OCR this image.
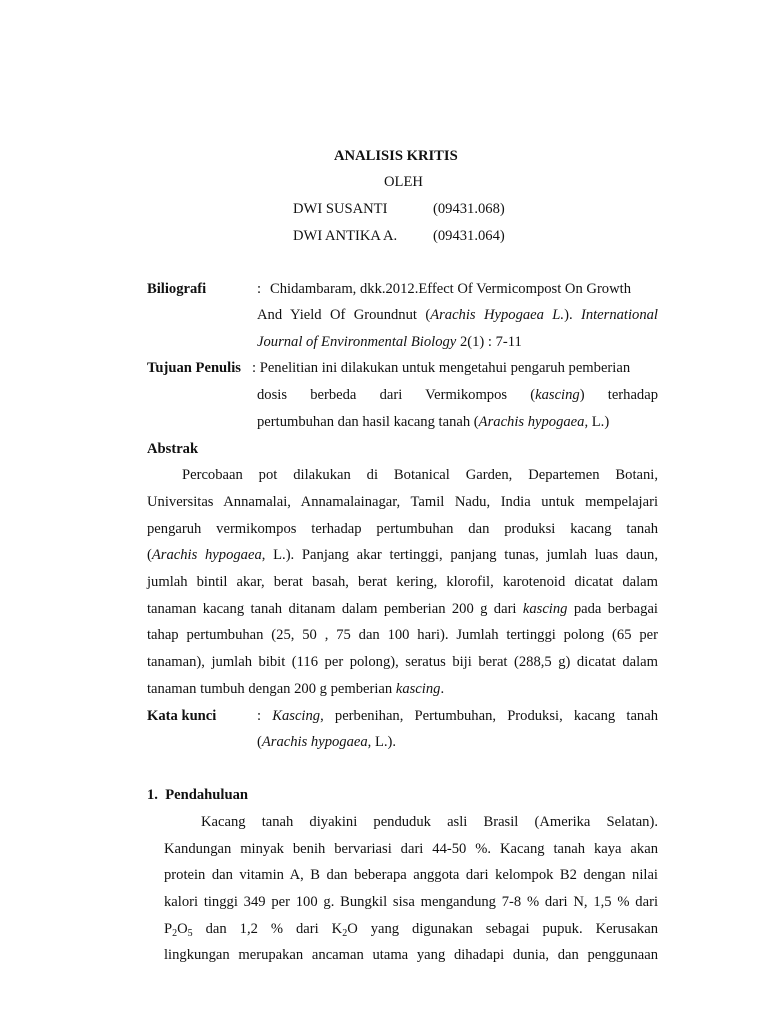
ANALISIS KRITIS
OLEH
DWI SUSANTI	(09431.068)
DWI ANTIKA A. (09431.064)
Biliografi	: Chidambaram, dkk.2012.Effect Of Vermicompost On Growth
And Yield Of Groundnut (Arachis Hypogaea L.). International
Journal of Environmental Biology 2(1) : 7-11
Tujuan Penulis : Penelitian ini dilakukan untuk mengetahui pengaruh pemberian
dosis berbeda dari Vermikompos (kascing) terhadap
pertumbuhan dan hasil kacang tanah (Arachis hypogaea, L.)
Abstrak
Percobaan pot dilakukan di Botanical Garden, Departemen Botani,
Universitas Annamalai, Annamalainagar, Tamil Nadu, India untuk mempelajari
pengaruh vermikompos terhadap pertumbuhan dan produksi kacang tanah
(Arachis hypogaea, L.). Panjang akar tertinggi, panjang tunas, jumlah luas daun,
jumlah bintil akar, berat basah, berat kering, klorofil, karotenoid dicatat dalam
tanaman kacang tanah ditanam dalam pemberian 200 g dari kascing pada berbagai
tahap pertumbuhan (25, 50 , 75 dan 100 hari). Jumlah tertinggi polong (65 per
tanaman), jumlah bibit (116 per polong), seratus biji berat (288,5 g) dicatat dalam
tanaman tumbuh dengan 200 g pemberian kascing.
Kata kunci	: Kascing, perbenihan, Pertumbuhan, Produksi, kacang tanah
(Arachis hypogaea, L.).
1.  Pendahuluan
Kacang tanah diyakini penduduk asli Brasil (Amerika Selatan).
Kandungan minyak benih bervariasi dari 44-50 %. Kacang tanah kaya akan
protein dan vitamin A, B dan beberapa anggota dari kelompok B2 dengan nilai
kalori tinggi 349 per 100 g. Bungkil sisa mengandung 7-8 % dari N, 1,5 % dari
$P_2O_5$ dan 1,2 % dari $K_2O$ yang digunakan sebagai pupuk. Kerusakan
lingkungan merupakan ancaman utama yang dihadapi dunia, dan penggunaan
